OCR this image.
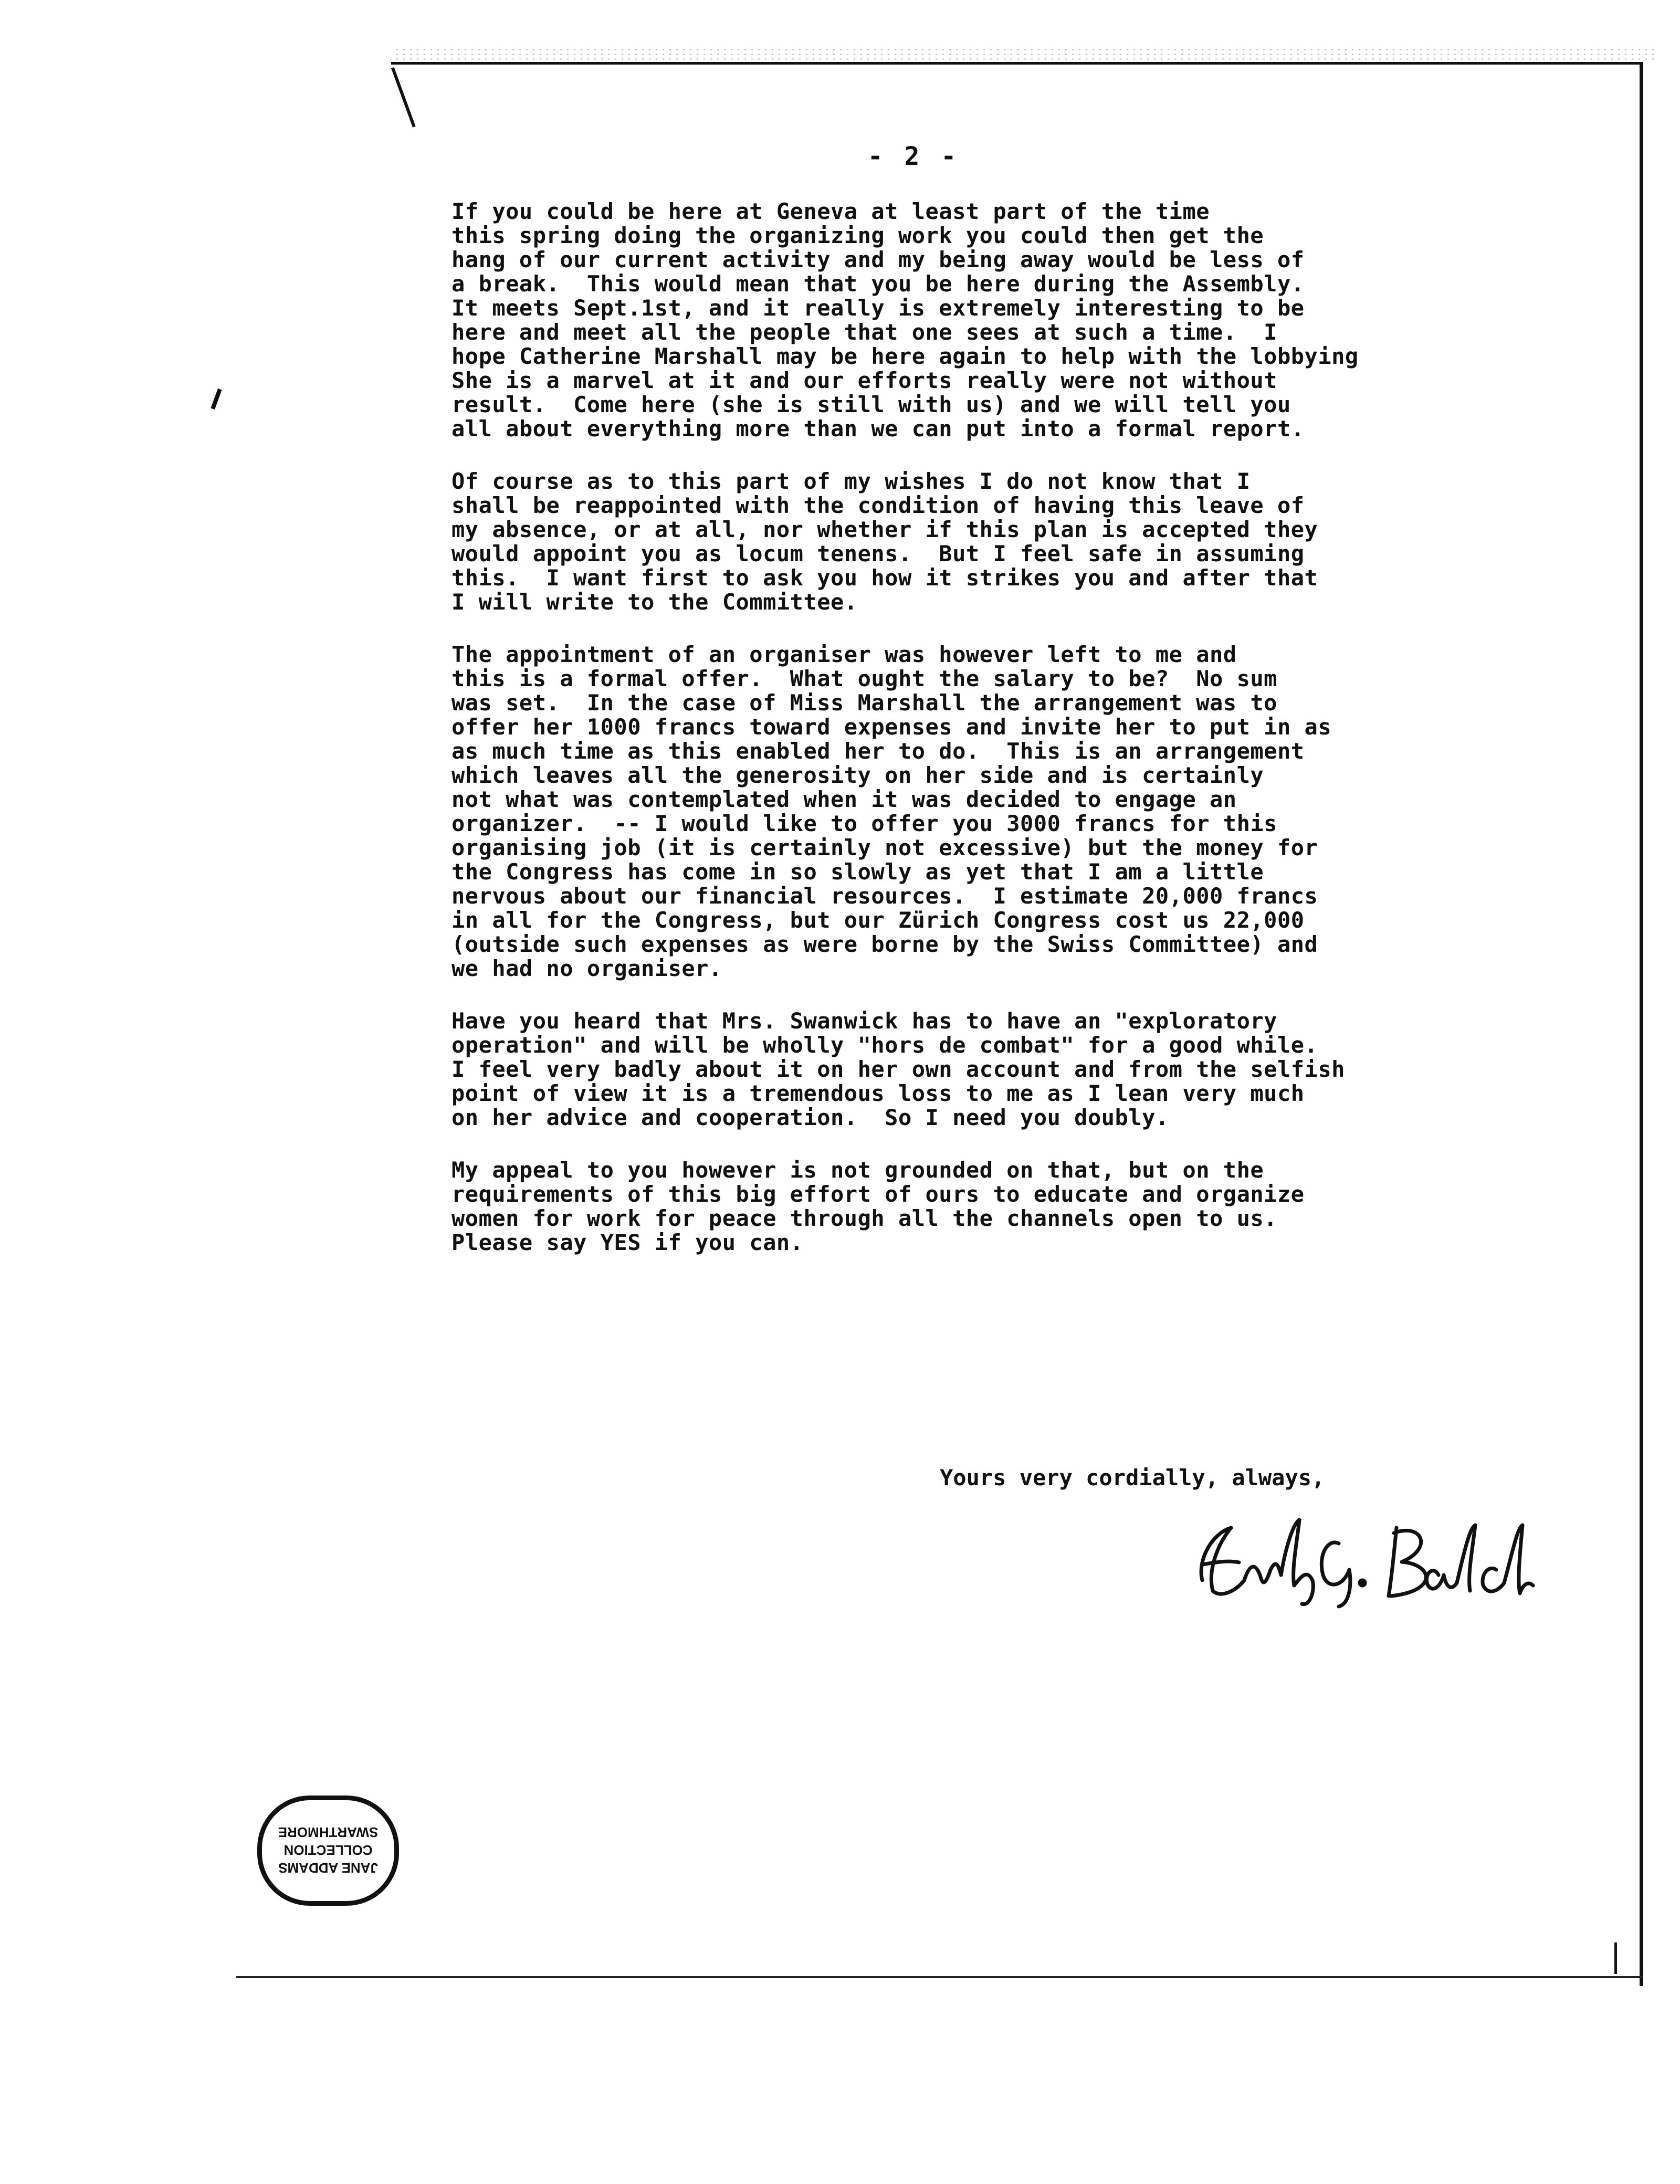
- 2 -

If you could be here at Geneva at least part of the time
this spring doing the organizing work you could then get the
hang of our current activity and my being away would be less of
a break.  This would mean that you be here during the Assembly.
It meets Sept.1st, and it really is extremely interesting to be
here and meet all the people that one sees at such a time.  I
hope Catherine Marshall may be here again to help with the lobbying
She is a marvel at it and our efforts really were not without
result.  Come here (she is still with us) and we will tell you
all about everything more than we can put into a formal report.

Of course as to this part of my wishes I do not know that I
shall be reappointed with the condition of having this leave of
my absence, or at all, nor whether if this plan is accepted they
would appoint you as locum tenens.  But I feel safe in assuming
this.  I want first to ask you how it strikes you and after that
I will write to the Committee.

The appointment of an organiser was however left to me and
this is a formal offer.  What ought the salary to be?  No sum
was set.  In the case of Miss Marshall the arrangement was to
offer her 1000 francs toward expenses and invite her to put in as
as much time as this enabled her to do.  This is an arrangement
which leaves all the generosity on her side and is certainly
not what was contemplated when it was decided to engage an
organizer.  -- I would like to offer you 3000 francs for this
organising job (it is certainly not excessive) but the money for
the Congress has come in so slowly as yet that I am a little
nervous about our financial resources.  I estimate 20,000 francs
in all for the Congress, but our Zürich Congress cost us 22,000
(outside such expenses as were borne by the Swiss Committee) and
we had no organiser.

Have you heard that Mrs. Swanwick has to have an "exploratory
operation" and will be wholly "hors de combat" for a good while.
I feel very badly about it on her own account and from the selfish
point of view it is a tremendous loss to me as I lean very much
on her advice and cooperation.  So I need you doubly.

My appeal to you however is not grounded on that, but on the
requirements of this big effort of ours to educate and organize
women for work for peace through all the channels open to us.
Please say YES if you can.

Yours very cordially, always,
JANE ADDAMS
COLLECTION
SWARTHMORE
